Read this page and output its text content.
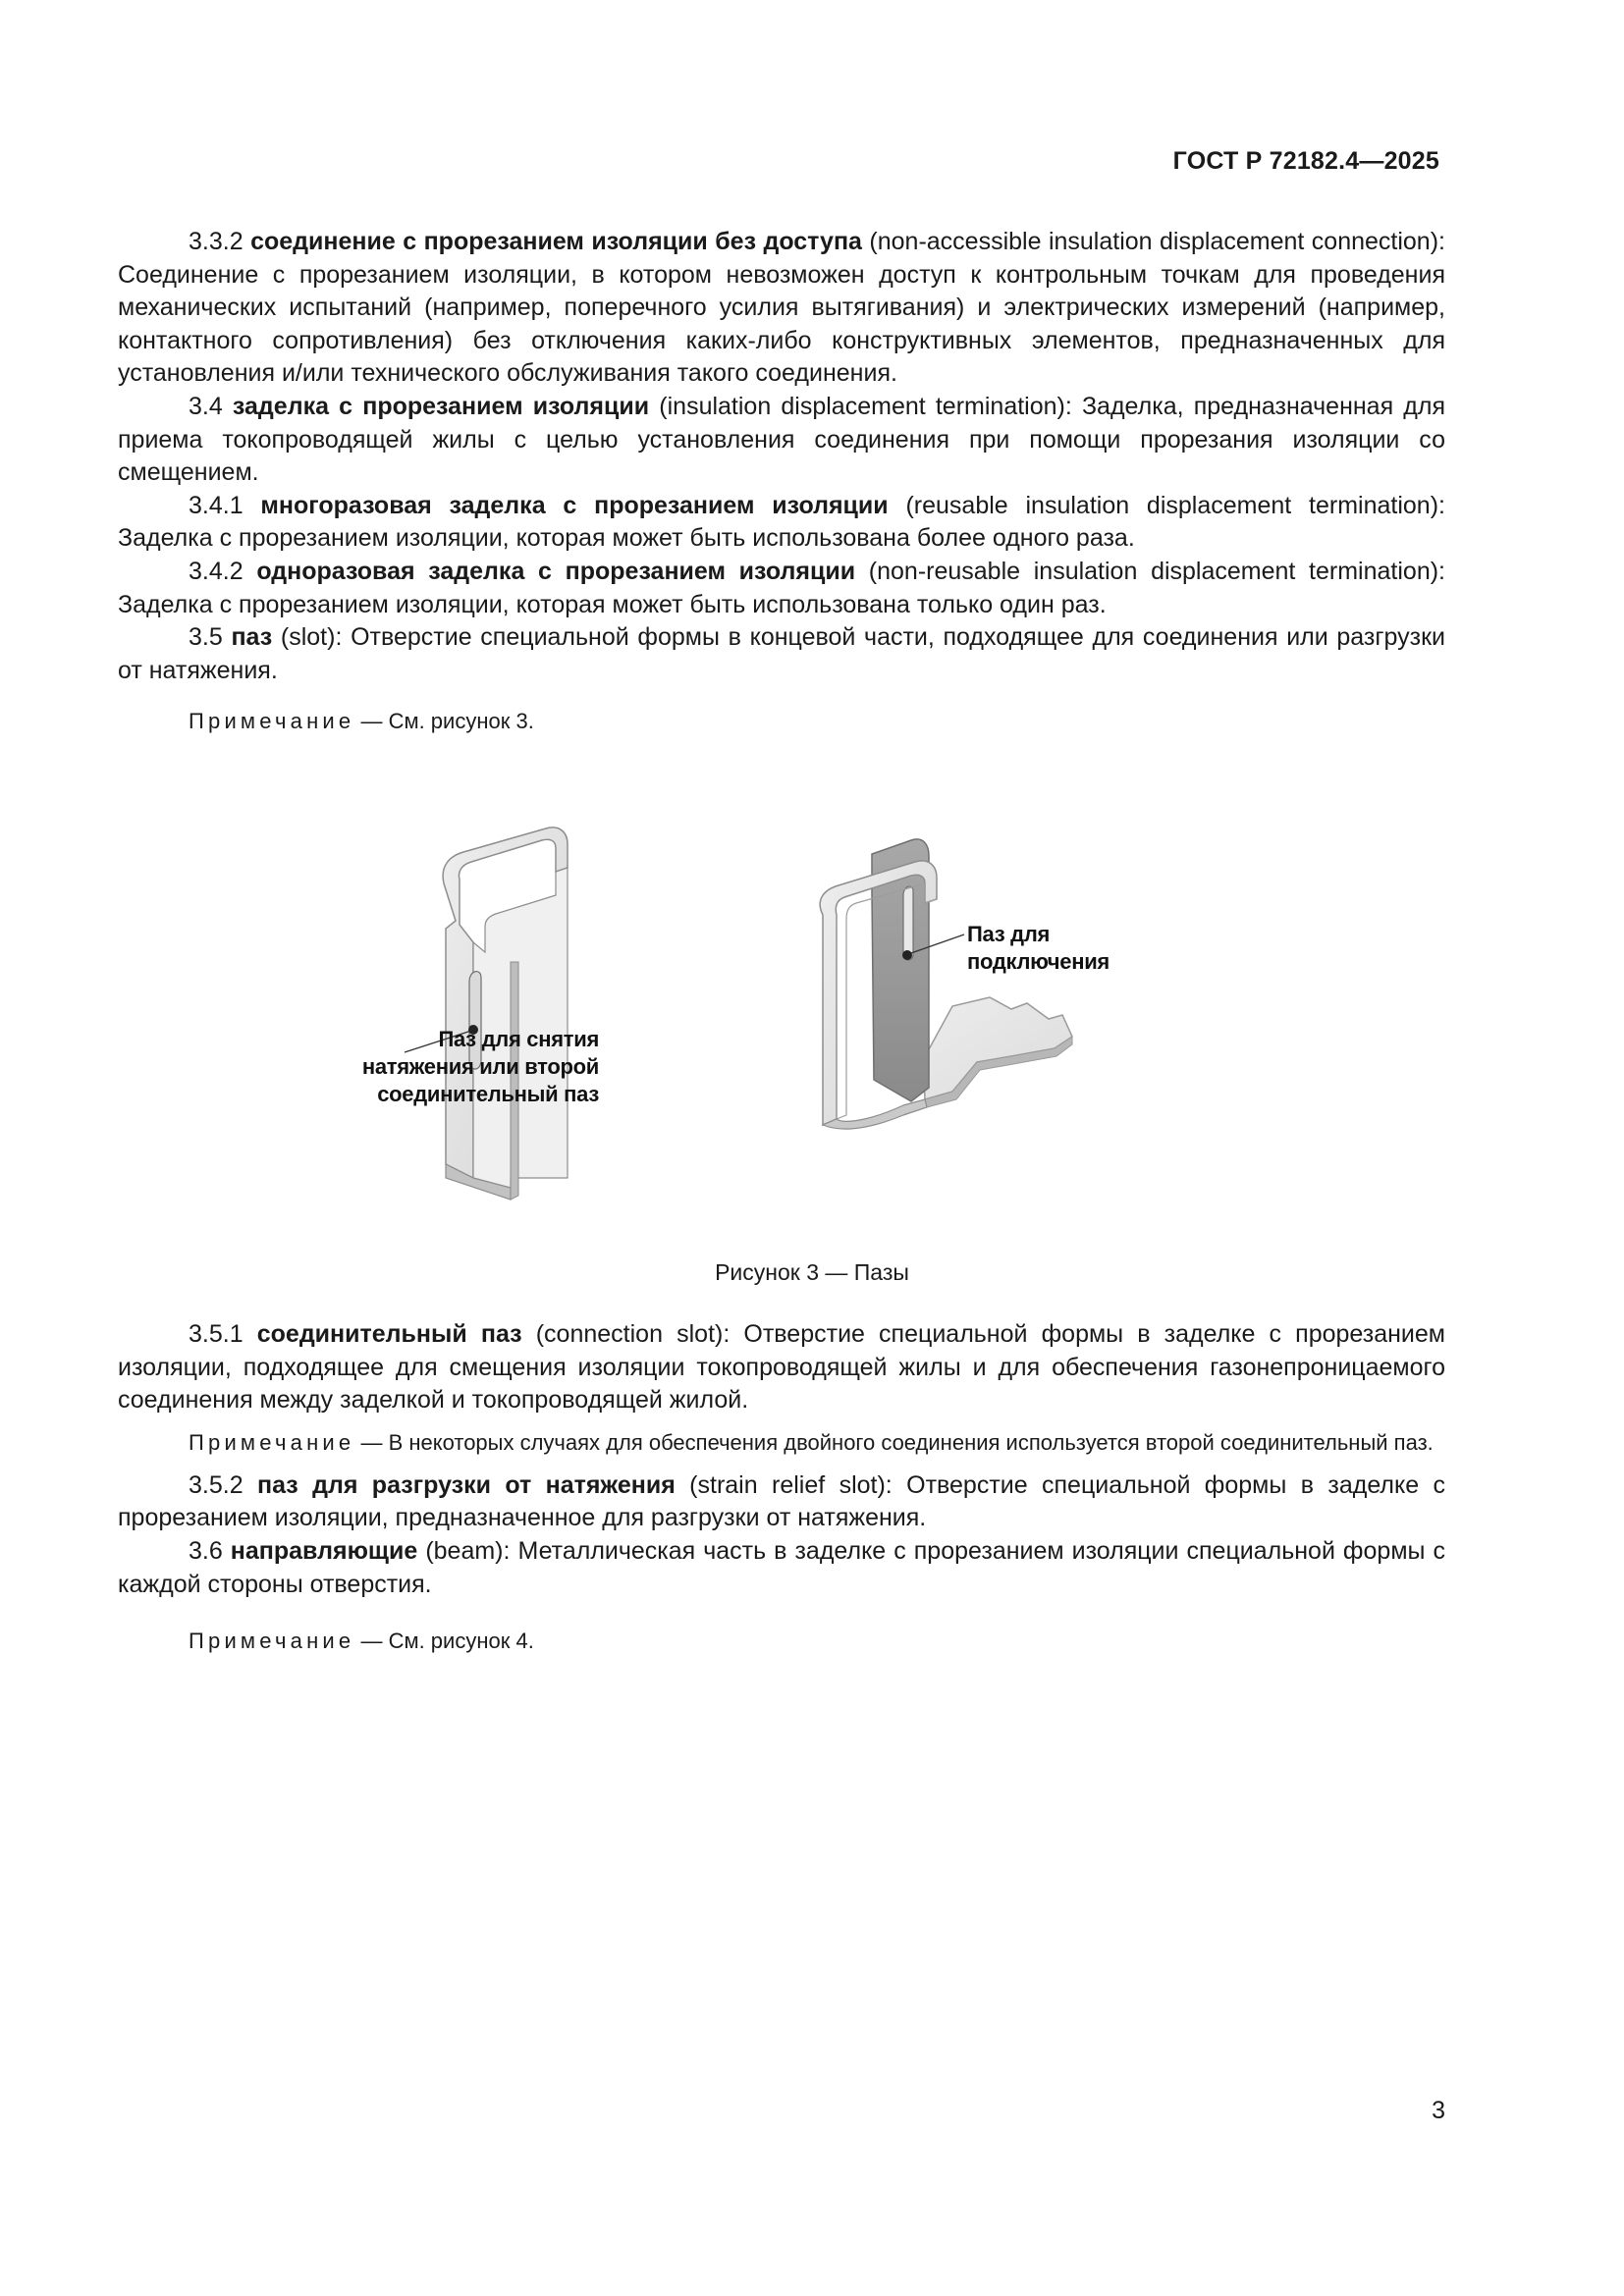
ГОСТ Р 72182.4—2025

3.3.2 соединение с прорезанием изоляции без доступа (non-accessible insulation displacement connection): Соединение с прорезанием изоляции, в котором невозможен доступ к контрольным точкам для проведения механических испытаний (например, поперечного усилия вытягивания) и электрических измерений (например, контактного сопротивления) без отключения каких-либо конструктивных элементов, предназначенных для установления и/или технического обслуживания такого соединения.

3.4 заделка с прорезанием изоляции (insulation displacement termination): Заделка, предназначенная для приема токопроводящей жилы с целью установления соединения при помощи прорезания изоляции со смещением.

3.4.1 многоразовая заделка с прорезанием изоляции (reusable insulation displacement termination): Заделка с прорезанием изоляции, которая может быть использована более одного раза.

3.4.2 одноразовая заделка с прорезанием изоляции (non-reusable insulation displacement termination): Заделка с прорезанием изоляции, которая может быть использована только один раз.

3.5 паз (slot): Отверстие специальной формы в концевой части, подходящее для соединения или разгрузки от натяжения.

Примечание — См. рисунок 3.

Паз для снятия
натяжения или второй
соединительный паз
Паз для
подключения
Рисунок 3 — Пазы

3.5.1 соединительный паз (connection slot): Отверстие специальной формы в заделке с прорезанием изоляции, подходящее для смещения изоляции токопроводящей жилы и для обеспечения газонепроницаемого соединения между заделкой и токопроводящей жилой.

Примечание — В некоторых случаях для обеспечения двойного соединения используется второй соединительный паз.

3.5.2 паз для разгрузки от натяжения (strain relief slot): Отверстие специальной формы в заделке с прорезанием изоляции, предназначенное для разгрузки от натяжения.

3.6 направляющие (beam): Металлическая часть в заделке с прорезанием изоляции специальной формы с каждой стороны отверстия.

Примечание — См. рисунок 4.

3
